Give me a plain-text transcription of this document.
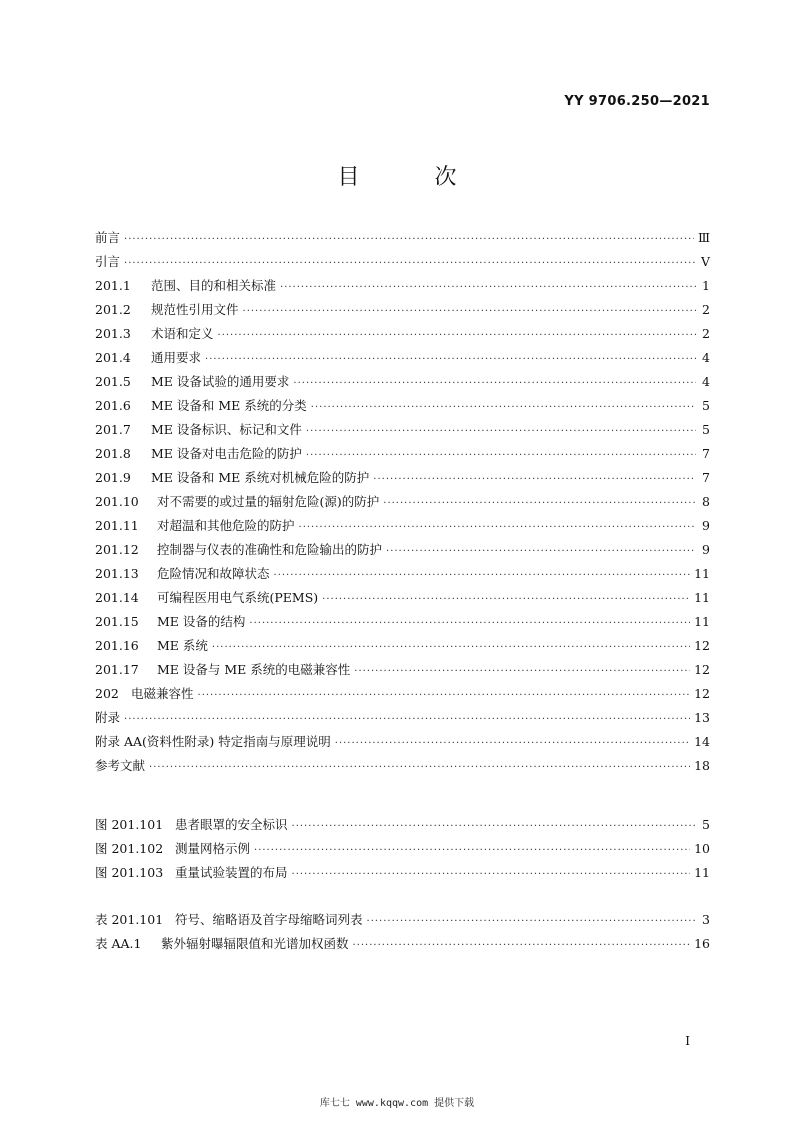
YY 9706.250—2021
目 次
前言 ·····	Ⅲ
引言 ·····	Ⅴ
201.1 范围、目的和相关标准 ·····	1
201.2 规范性引用文件 ·····	2
201.3 术语和定义 ·····	2
201.4 通用要求 ·····	4
201.5 ME 设备试验的通用要求 ·····	4
201.6 ME 设备和 ME 系统的分类 ·····	5
201.7 ME 设备标识、标记和文件 ·····	5
201.8 ME 设备对电击危险的防护 ·····	7
201.9 ME 设备和 ME 系统对机械危险的防护 ·····	7
201.10 对不需要的或过量的辐射危险(源)的防护 ·····	8
201.11 对超温和其他危险的防护 ·····	9
201.12 控制器与仪表的准确性和危险输出的防护 ·····	9
201.13 危险情况和故障状态 ·····	11
201.14 可编程医用电气系统(PEMS) ·····	11
201.15 ME 设备的结构 ·····	11
201.16 ME 系统 ·····	12
201.17 ME 设备与 ME 系统的电磁兼容性 ·····	12
202 电磁兼容性 ·····	12
附录 ·····	13
附录 AA(资料性附录) 特定指南与原理说明 ·····	14
参考文献 ·····	18
图 201.101 患者眼罩的安全标识 ·····	5
图 201.102 测量网格示例 ·····	10
图 201.103 重量试验装置的布局 ·····	11
表 201.101 符号、缩略语及首字母缩略词列表 ·····	3
表 AA.1 紫外辐射曝辐限值和光谱加权函数 ·····	16
I
库七七 www.kqqw.com 提供下载
